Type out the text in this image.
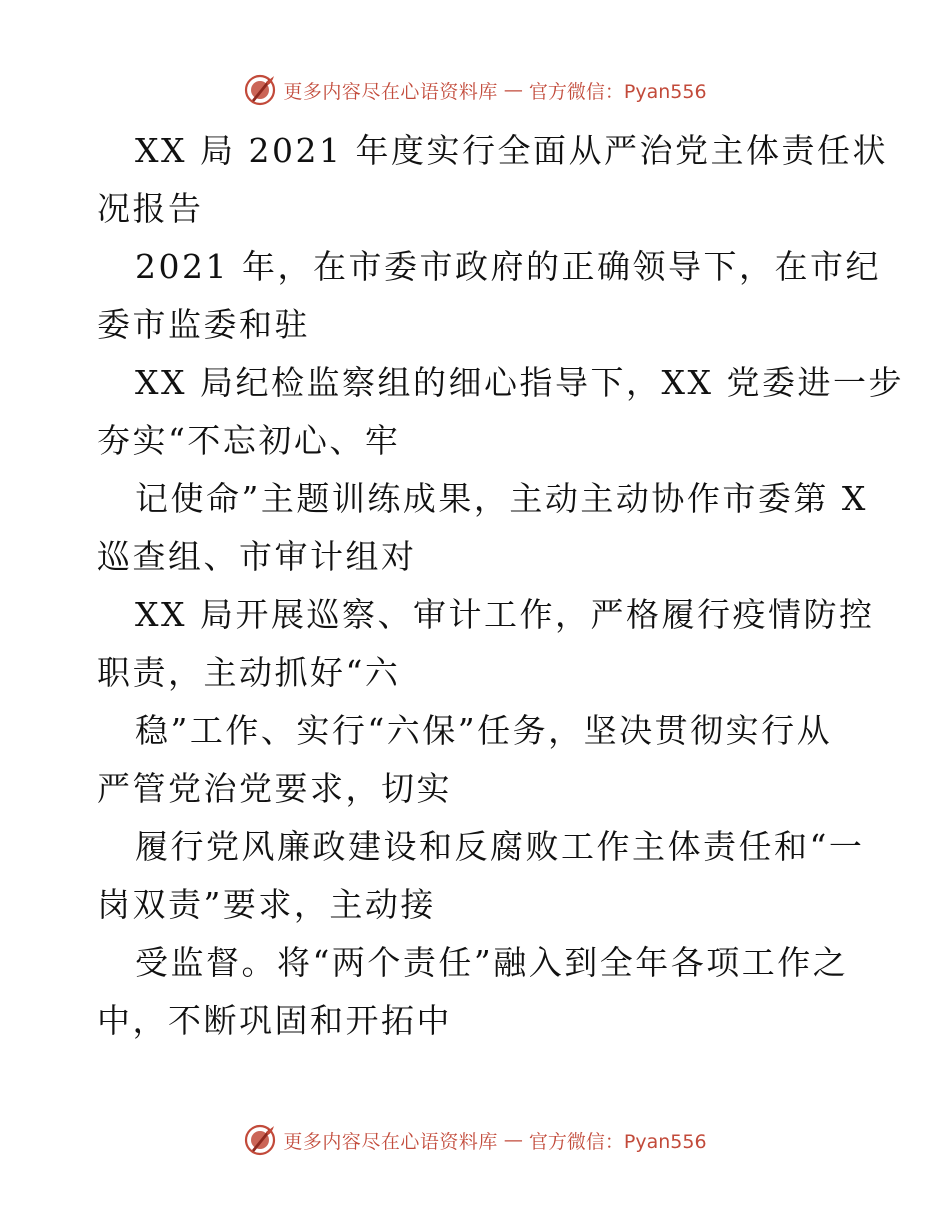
更多内容尽在心语资料库 — 官方微信：Pyan556
XX 局 2021 年度实行全面从严治党主体责任状
况报告
2021 年，在市委市政府的正确领导下，在市纪
委市监委和驻
XX 局纪检监察组的细心指导下，XX 党委进一步
夯实“不忘初心、牢
记使命”主题训练成果，主动主动协作市委第 X
巡查组、市审计组对
XX 局开展巡察、审计工作，严格履行疫情防控
职责，主动抓好“六
稳”工作、实行“六保”任务，坚决贯彻实行从
严管党治党要求，切实
履行党风廉政建设和反腐败工作主体责任和“一
岗双责”要求，主动接
受监督。将“两个责任”融入到全年各项工作之
中，不断巩固和开拓中
更多内容尽在心语资料库 — 官方微信：Pyan556
